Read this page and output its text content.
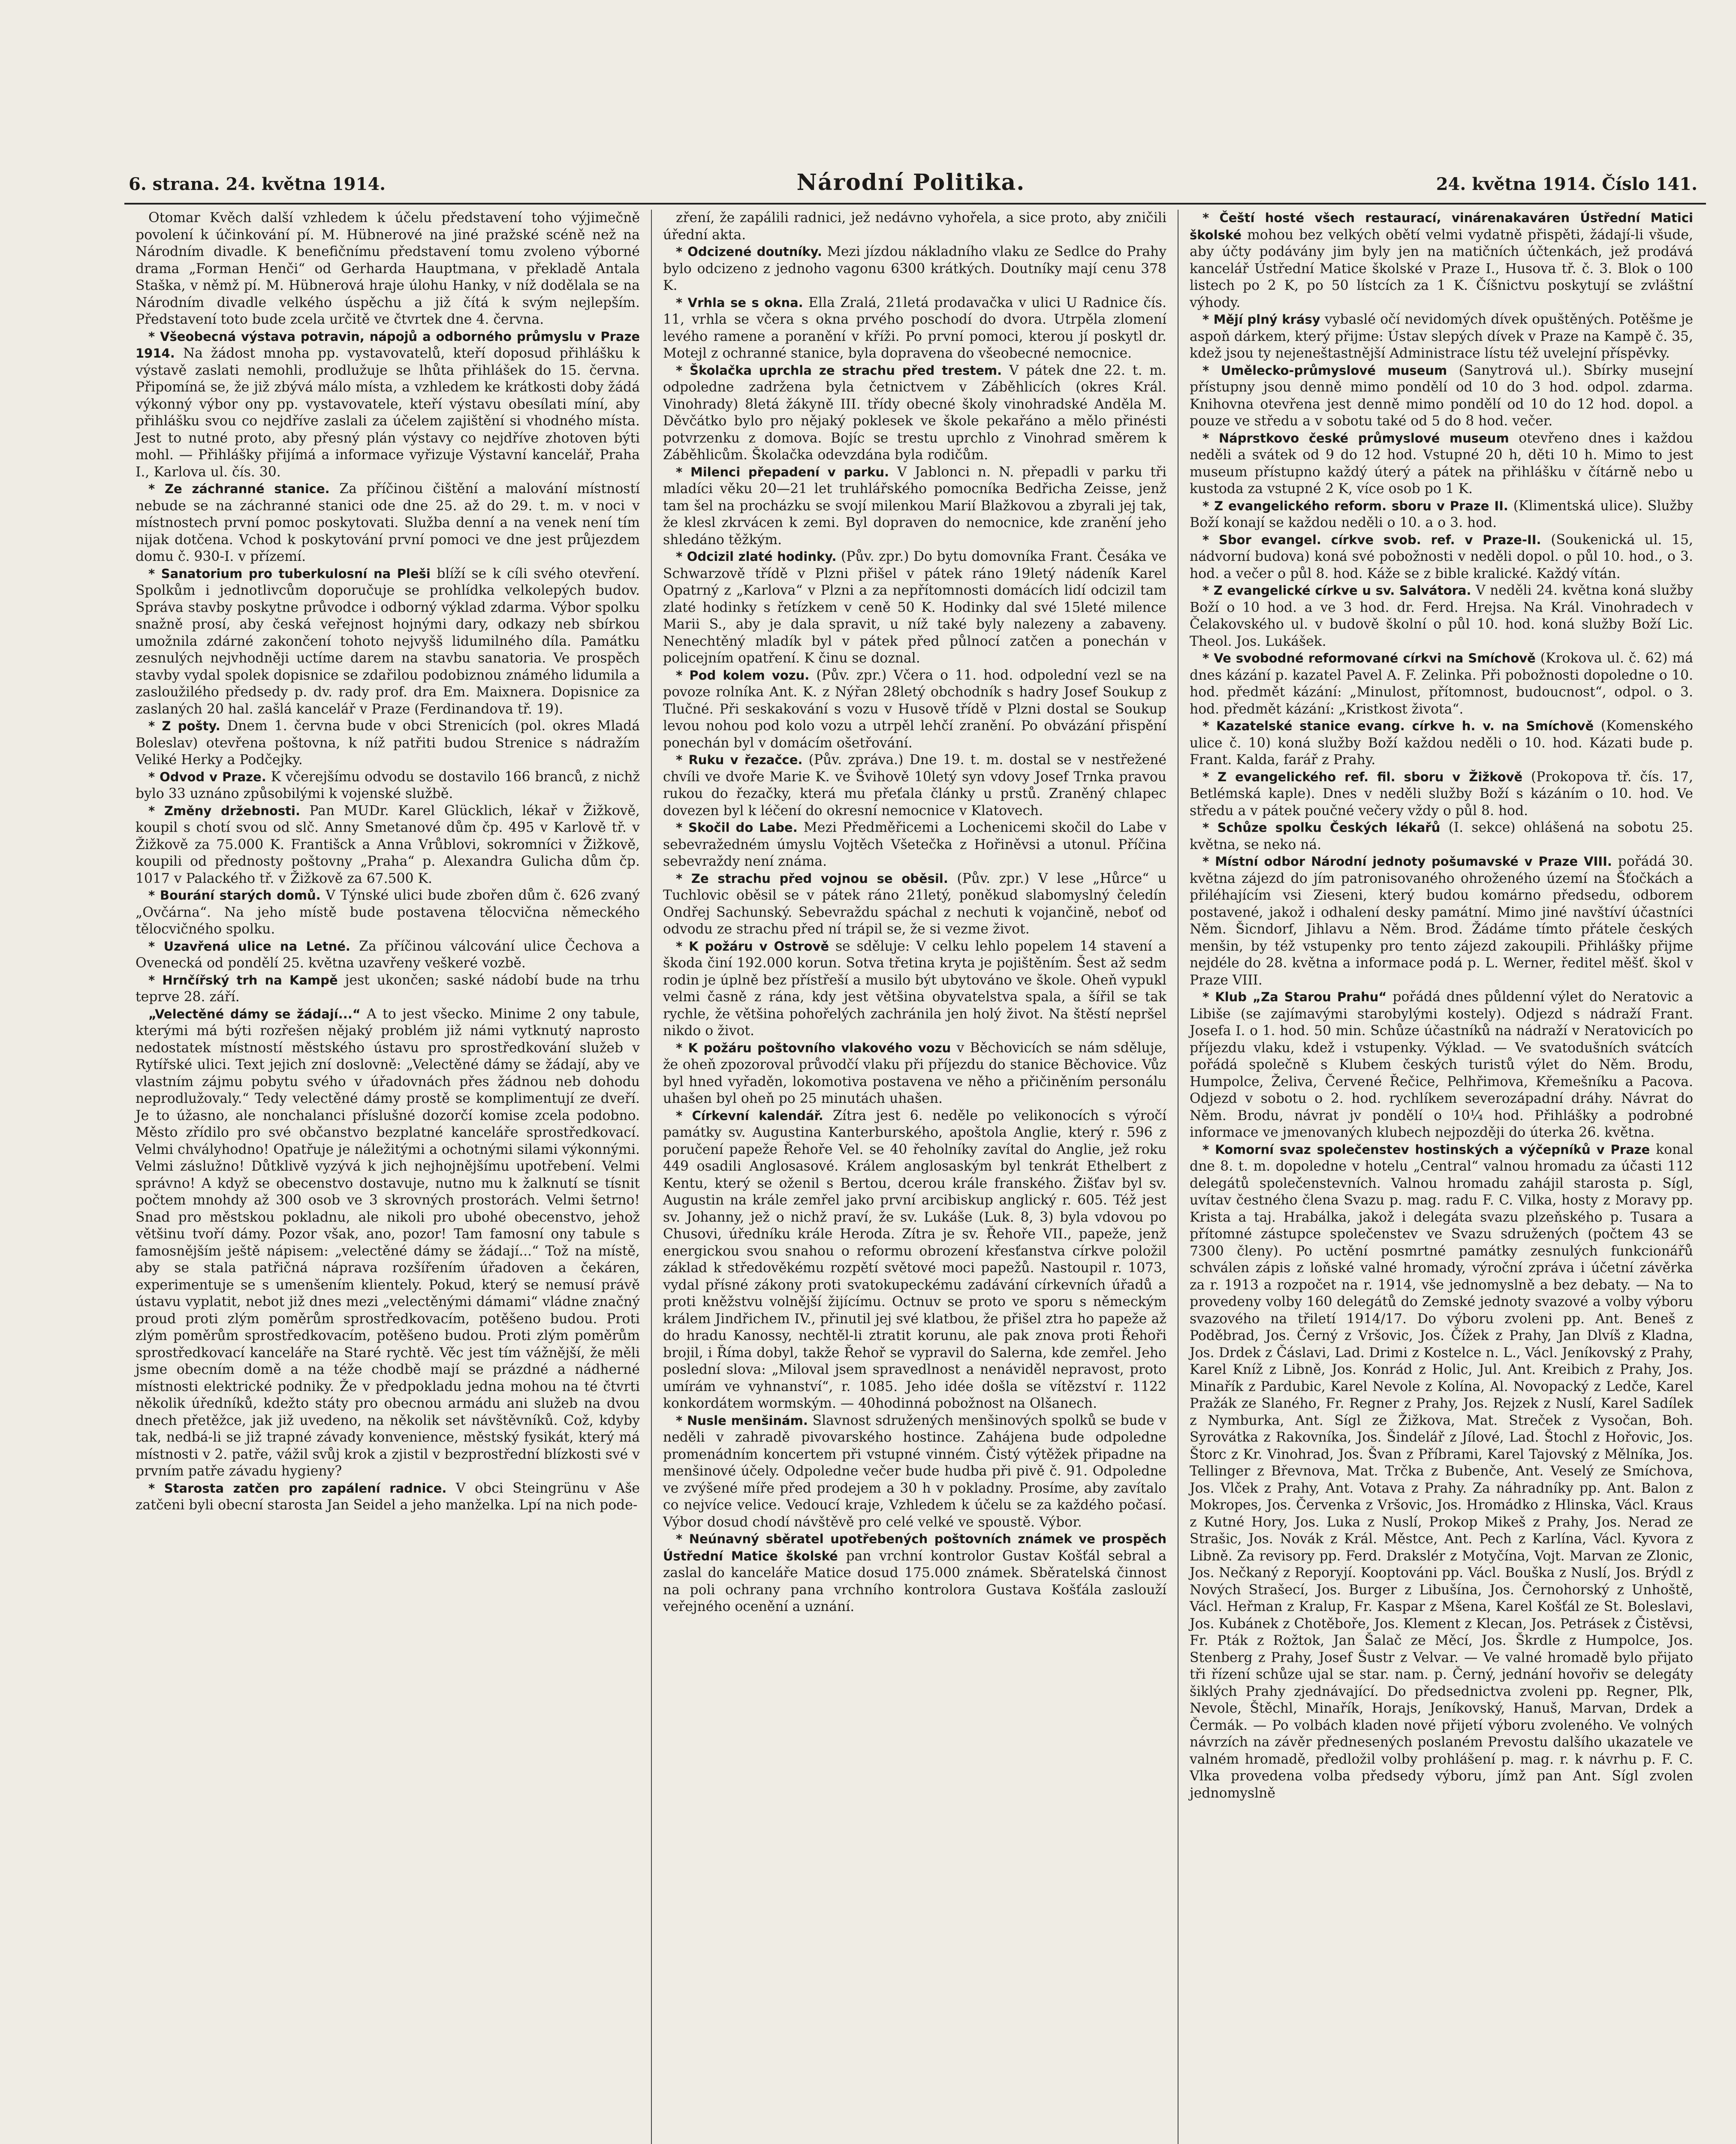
6. strana. 24. května 1914.	Národní Politika.	24. května 1914. Číslo 141.

Otomar Kvěch další vzhledem k účelu představení toho výjimečně povolení k účinkování pí. M. Hübnerové na jiné pražské scéně než na Národním divadle. K benefičnímu představení tomu zvoleno výborné drama „Forman Henči“ od Gerharda Hauptmana, v překladě Antala Staška, v němž pí. M. Hübnerová hraje úlohu Hanky, v níž dodělala se na Národním divadle velkého úspěchu a již čítá k svým nejlepším. Představení toto bude zcela určitě ve čtvrtek dne 4. června.

* Všeobecná výstava potravin, nápojů a odborného průmyslu v Praze 1914. Na žádost mnoha pp. vystavovatelů, kteří doposud přihlášku k výstavě zaslati nemohli, prodlužuje se lhůta přihlášek do 15. června. Připomíná se, že již zbývá málo místa, a vzhledem ke krátkosti doby žádá výkonný výbor ony pp. vystavovatele, kteří výstavu obesílati míní, aby přihlášku svou co nejdříve zaslali za účelem zajištění si vhodného místa. Jest to nutné proto, aby přesný plán výstavy co nejdříve zhotoven býti mohl. — Přihlášky přijímá a informace vyřizuje Výstavní kancelář, Praha I., Karlova ul. čís. 30.

* Ze záchranné stanice. Za příčinou čištění a malování místností nebude se na záchranné stanici ode dne 25. až do 29. t. m. v noci v místnostech první pomoc poskytovati. Služba denní a na venek není tím nijak dotčena. Vchod k poskytování první pomoci ve dne jest průjezdem domu č. 930-I. v přízemí.

* Sanatorium pro tuberkulosní na Pleši blíží se k cíli svého otevření. Spolkům i jednotlivcům doporučuje se prohlídka velkolepých budov. Správa stavby poskytne průvodce i odborný výklad zdarma. Výbor spolku snažně prosí, aby česká veřejnost hojnými dary, odkazy neb sbírkou umožnila zdárné zakončení tohoto nejvyšš lidumilného díla. Památku zesnulých nejvhodněji uctíme darem na stavbu sanatoria. Ve prospěch stavby vydal spolek dopisnice se zdařilou podobiznou známého lidumila a zasloužilého předsedy p. dv. rady prof. dra Em. Maixnera. Dopisnice za zaslaných 20 hal. zašlá kancelář v Praze (Ferdinandova tř. 19).

* Z pošty. Dnem 1. června bude v obci Strenicích (pol. okres Mladá Boleslav) otevřena poštovna, k níž patřiti budou Strenice s nádražím Veliké Herky a Podčejky.

* Odvod v Praze. K včerejšímu odvodu se dostavilo 166 branců, z nichž bylo 33 uznáno způsobilými k vojenské službě.

* Změny držebnosti. Pan MUDr. Karel Glücklich, lékař v Žižkově, koupil s chotí svou od slč. Anny Smetanové dům čp. 495 v Karlově tř. v Žižkově za 75.000 K. Františck a Anna Vrůblovi, sokromníci v Žižkově, koupili od přednosty poštovny „Praha“ p. Alexandra Gulicha dům čp. 1017 v Palackého tř. v Žižkově za 67.500 K.

* Bourání starých domů. V Týnské ulici bude zbořen dům č. 626 zvaný „Ovčárna“. Na jeho místě bude postavena tělocvična německého tělocvičného spolku.

* Uzavřená ulice na Letné. Za příčinou válcování ulice Čechova a Ovenecká od pondělí 25. května uzavřeny veškeré vozbě.

* Hrnčířský trh na Kampě jest ukončen; saské nádobí bude na trhu teprve 28. září.

„Velectěné dámy se žádají...“ A to jest všecko. Minime 2 ony tabule, kterými má býti rozřešen nějaký problém již námi vytknutý naprosto nedostatek místností městského ústavu pro sprostředkování služeb v Rytířské ulici. Text jejich zní doslovně: „Velectěné dámy se žádají, aby ve vlastním zájmu pobytu svého v úřadovnách přes žádnou neb dohodu neprodlužovaly.“ Tedy velectěné dámy prostě se komplimentují ze dveří. Je to úžasno, ale nonchalanci příslušné dozorčí komise zcela podobno. Město zřídilo pro své občanstvo bezplatné kanceláře sprostředkovací. Velmi chvályhodno! Opatřuje je náležitými a ochotnými silami výkonnými. Velmi záslužno! Důtklivě vyzývá k jich nejhojnějšímu upotřebení. Velmi správno! A když se obecenstvo dostavuje, nutno mu k žalknutí se tísnit počtem mnohdy až 300 osob ve 3 skrovných prostorách. Velmi šetrno! Snad pro městskou pokladnu, ale nikoli pro ubohé obecenstvo, jehož většinu tvoří dámy. Pozor však, ano, pozor! Tam famosní ony tabule s famosnějším ještě nápisem: „velectěné dámy se žádají...“ Tož na místě, aby se stala patřičná náprava rozšířením úřadoven a čekáren, experimentuje se s umenšením klientely. Pokud, který se nemusí právě ústavu vyplatit, nebot již dnes mezi „velectěnými dámami“ vládne značný proud proti zlým poměrům sprostředkovacím, potěšeno budou. Proti zlým poměrům sprostředkovacím, potěšeno budou. Proti zlým poměrům sprostředkovací kanceláře na Staré rychtě. Věc jest tím vážnější, že měli jsme obecním domě a na téže chodbě mají se prázdné a nádherné místnosti elektrické podniky. Že v předpokladu jedna mohou na té čtvrti několik úředníků, kdežto státy pro obecnou armádu ani služeb na dvou dnech přetěžce, jak již uvedeno, na několik set návštěvníků. Což, kdyby tak, nedbá-li se již trapné závady konvenience, městský fysikát, který má místnosti v 2. patře, vážil svůj krok a zjistil v bezprostřední blízkosti své v prvním patře závadu hygieny?

* Starosta zatčen pro zapálení radnice. V obci Steingrünu v Aše zatčeni byli obecní starosta Jan Seidel a jeho manželka. Lpí na nich pode-

zření, že zapálili radnici, jež nedávno vyhořela, a sice proto, aby zničili úřední akta.

* Odcizené doutníky. Mezi jízdou nákladního vlaku ze Sedlce do Prahy bylo odcizeno z jednoho vagonu 6300 krátkých. Doutníky mají cenu 378 K.

* Vrhla se s okna. Ella Zralá, 21letá prodavačka v ulici U Radnice čís. 11, vrhla se včera s okna prvého poschodí do dvora. Utrpěla zlomení levého ramene a poranění v kříži. Po první pomoci, kterou jí poskytl dr. Motejl z ochranné stanice, byla dopravena do všeobecné nemocnice.

* Školačka uprchla ze strachu před trestem. V pátek dne 22. t. m. odpoledne zadržena byla četnictvem v Záběhlicích (okres Král. Vinohrady) 8letá žákyně III. třídy obecné školy vinohradské Anděla M. Děvčátko bylo pro nějaký poklesek ve škole pekařáno a mělo přinésti potvrzenku z domova. Bojíc se trestu uprchlo z Vinohrad směrem k Záběhlicům. Školačka odevzdána byla rodičům.

* Milenci přepadení v parku. V Jablonci n. N. přepadli v parku tři mladíci věku 20—21 let truhlářského pomocníka Bedřicha Zeisse, jenž tam šel na procházku se svojí milenkou Marií Blažkovou a zbyrali jej tak, že klesl zkrvácen k zemi. Byl dopraven do nemocnice, kde zranění jeho shledáno těžkým.

* Odcizil zlaté hodinky. (Pův. zpr.) Do bytu domovníka Frant. Česáka ve Schwarzově třídě v Plzni přišel v pátek ráno 19letý nádeník Karel Opatrný z „Karlova“ v Plzni a za nepřítomnosti domácích lidí odcizil tam zlaté hodinky s řetízkem v ceně 50 K. Hodinky dal své 15leté milence Marii S., aby je dala spravit, u níž také byly nalezeny a zabaveny. Nenechtěný mladík byl v pátek před půlnocí zatčen a ponechán v policejním opatření. K činu se doznal.

* Pod kolem vozu. (Pův. zpr.) Včera o 11. hod. odpolední vezl se na povoze rolníka Ant. K. z Nýřan 28letý obchodník s hadry Josef Soukup z Tlučné. Při seskakování s vozu v Husově třídě v Plzni dostal se Soukup levou nohou pod kolo vozu a utrpěl lehčí zranění. Po obvázání přispění ponechán byl v domácím ošetřování.

* Ruku v řezačce. (Pův. zpráva.) Dne 19. t. m. dostal se v nestřežené chvíli ve dvoře Marie K. ve Švihově 10letý syn vdovy Josef Trnka pravou rukou do řezačky, která mu přeťala články u prstů. Zraněný chlapec dovezen byl k léčení do okresní nemocnice v Klatovech.

* Skočil do Labe. Mezi Předměřicemi a Lochenicemi skočil do Labe v sebevražedném úmyslu Vojtěch Všetečka z Hořiněvsi a utonul. Příčina sebevraždy není známa.

* Ze strachu před vojnou se oběsil. (Pův. zpr.) V lese „Hůrce“ u Tuchlovic oběsil se v pátek ráno 21letý, poněkud slabomyslný čeledín Ondřej Sachunský. Sebevraždu spáchal z nechuti k vojančině, neboť od odvodu ze strachu před ní trápil se, že si vezme život.

* K požáru v Ostrově se sděluje: V celku lehlo popelem 14 stavení a škoda činí 192.000 korun. Sotva třetina kryta je pojištěním. Šest až sedm rodin je úplně bez přístřeší a musilo být ubytováno ve škole. Oheň vypukl velmi časně z rána, kdy jest většina obyvatelstva spala, a šířil se tak rychle, že většina pohořelých zachránila jen holý život. Na štěstí nepršel nikdo o život.

* K požáru poštovního vlakového vozu v Běchovicích se nám sděluje, že oheň zpozoroval průvodčí vlaku při příjezdu do stanice Běchovice. Vůz byl hned vyřaděn, lokomotiva postavena ve něho a přičiněním personálu uhašen byl oheň po 25 minutách uhašen.

* Církevní kalendář. Zítra jest 6. neděle po velikonocích s výročí památky sv. Augustina Kanterburského, apoštola Anglie, který r. 596 z poručení papeže Řehoře Vel. se 40 řeholníky zavítal do Anglie, jež roku 449 osadili Anglosasové. Králem anglosaským byl tenkrát Ethelbert z Kentu, který se oženil s Bertou, dcerou krále franského. Žišťav byl sv. Augustin na krále zemřel jako první arcibiskup anglický r. 605. Též jest sv. Johanny, jež o nichž praví, že sv. Lukáše (Luk. 8, 3) byla vdovou po Chusovi, úředníku krále Heroda. Zítra je sv. Řehoře VII., papeže, jenž energickou svou snahou o reformu obrození křesťanstva církve položil základ k středověkému rozpětí světové moci papežů. Nastoupil r. 1073, vydal přísné zákony proti svatokupeckému zadávání církevních úřadů a proti kněžstvu volnější žijícímu. Octnuv se proto ve sporu s německým králem Jindřichem IV., přinutil jej své klatbou, že přišel ztra ho papeže až do hradu Kanossy, nechtěl-li ztratit korunu, ale pak znova proti Řehoři brojil, i Říma dobyl, takže Řehoř se vypravil do Salerna, kde zemřel. Jeho poslední slova: „Miloval jsem spravedlnost a nenáviděl nepravost, proto umírám ve vyhnanství“, r. 1085. Jeho idée došla se vítězství r. 1122 konkordátem wormským. — 40hodinná pobožnost na Olšanech.

* Nusle menšinám. Slavnost sdružených menšinových spolků se bude v neděli v zahradě pivovarského hostince. Zahájena bude odpoledne promenádním koncertem při vstupné vinném. Čistý výtěžek připadne na menšinové účely. Odpoledne večer bude hudba při pivě č. 91. Odpoledne ve zvýšené míře před prodejem a 30 h v pokladny. Prosíme, aby zavítalo co nejvíce velice. Vedoucí kraje, Vzhledem k účelu se za každého počasí. Výbor dosud chodí návštěvě pro celé velké ve spoustě. Výbor.

* Neúnavný sběratel upotřebených poštovních známek ve prospěch Ústřední Matice školské pan vrchní kontrolor Gustav Košťál sebral a zaslal do kanceláře Matice dosud 175.000 známek. Sběratelská činnost na poli ochrany pana vrchního kontrolora Gustava Košťála zaslouží veřejného ocenění a uznání.

* Čeští hosté všech restaurací, vinárenakaváren Ústřední Matici školské mohou bez velkých obětí velmi vydatně přispěti, žádají-li všude, aby účty podávány jim byly jen na matičních účtenkách, jež prodává kancelář Ústřední Matice školské v Praze I., Husova tř. č. 3. Blok o 100 listech po 2 K, po 50 lístcích za 1 K. Číšnictvu poskytují se zvláštní výhody.

* Mějí plný krásy vybaslé očí nevidomých dívek opuštěných. Potěšme je aspoň dárkem, který přijme: Ústav slepých dívek v Praze na Kampě č. 35, kdež jsou ty nejeneštastnější Administrace lístu též uvelejní příspěvky.

* Umělecko-průmyslové museum (Sanytrová ul.). Sbírky musejní přístupny jsou denně mimo pondělí od 10 do 3 hod. odpol. zdarma. Knihovna otevřena jest denně mimo pondělí od 10 do 12 hod. dopol. a pouze ve středu a v sobotu také od 5 do 8 hod. večer.

* Náprstkovo české průmyslové museum otevřeno dnes i každou neděli a svátek od 9 do 12 hod. Vstupné 20 h, děti 10 h. Mimo to jest museum přístupno každý úterý a pátek na přihlášku v čítárně nebo u kustoda za vstupné 2 K, více osob po 1 K.

* Z evangelického reform. sboru v Praze II. (Klimentská ulice). Služby Boží konají se každou neděli o 10. a o 3. hod.

* Sbor evangel. církve svob. ref. v Praze-II. (Soukenická ul. 15, nádvorní budova) koná své pobožnosti v neděli dopol. o půl 10. hod., o 3. hod. a večer o půl 8. hod. Káže se z bible kralické. Každý vítán.

* Z evangelické církve u sv. Salvátora. V neděli 24. května koná služby Boží o 10 hod. a ve 3 hod. dr. Ferd. Hrejsa. Na Král. Vinohradech v Čelakovského ul. v budově školní o půl 10. hod. koná služby Boží Lic. Theol. Jos. Lukášek.

* Ve svobodné reformované církvi na Smíchově (Krokova ul. č. 62) má dnes kázání p. kazatel Pavel A. F. Zelinka. Při pobožnosti dopoledne o 10. hod. předmět kázání: „Minulost, přítomnost, budoucnost“, odpol. o 3. hod. předmět kázání: „Kristkost života“.

* Kazatelské stanice evang. církve h. v. na Smíchově (Komenského ulice č. 10) koná služby Boží každou neděli o 10. hod. Kázati bude p. Frant. Kalda, farář z Prahy.

* Z evangelického ref. fil. sboru v Žižkově (Prokopova tř. čís. 17, Betlémská kaple). Dnes v neděli služby Boží s kázáním o 10. hod. Ve středu a v pátek poučné večery vždy o půl 8. hod.

* Schůze spolku Českých lékařů (I. sekce) ohlášená na sobotu 25. května, se neko ná.

* Místní odbor Národní jednoty pošumavské v Praze VIII. pořádá 30. května zájezd do jím patronisovaného ohroženého území na Šťočkách a přiléhajícím vsi Zieseni, který budou komárno předsedu, odborem postavené, jakož i odhalení desky památní. Mimo jiné navštíví účastníci Něm. Šicndorf, Jihlavu a Něm. Brod. Žádáme tímto přátele českých menšin, by též vstupenky pro tento zájezd zakoupili. Přihlášky přijme nejdéle do 28. května a informace podá p. L. Werner, ředitel měšť. škol v Praze VIII.

* Klub „Za Starou Prahu“ pořádá dnes půldenní výlet do Neratovic a Libiše (se zajímavými starobylými kostely). Odjezd s nádraží Frant. Josefa I. o 1. hod. 50 min. Schůze účastníků na nádraží v Neratovicích po příjezdu vlaku, kdež i vstupenky. Výklad. — Ve svatodušních svátcích pořádá společně s Klubem českých turistů výlet do Něm. Brodu, Humpolce, Želiva, Červené Řečice, Pelhřimova, Křemešníku a Pacova. Odjezd v sobotu o 2. hod. rychlíkem severozápadní dráhy. Návrat do Něm. Brodu, návrat jv pondělí o 10¼ hod. Přihlášky a podrobné informace ve jmenovaných klubech nejpozději do úterka 26. května.

* Komorní svaz společenstev hostinských a výčepníků v Praze konal dne 8. t. m. dopoledne v hotelu „Central“ valnou hromadu za účasti 112 delegátů společenstevních. Valnou hromadu zahájil starosta p. Sígl, uvítav čestného člena Svazu p. mag. radu F. C. Vilka, hosty z Moravy pp. Krista a taj. Hrabálka, jakož i delegáta svazu plzeňského p. Tusara a přítomné zástupce společenstev ve Svazu sdružených (počtem 43 se 7300 členy). Po uctění posmrtné památky zesnulých funkcionářů schválen zápis z loňské valné hromady, výroční zpráva i účetní závěrka za r. 1913 a rozpočet na r. 1914, vše jednomyslně a bez debaty. — Na to provedeny volby 160 delegátů do Zemské jednoty svazové a volby výboru svazového na třiletí 1914/17. Do výboru zvoleni pp. Ant. Beneš z Poděbrad, Jos. Černý z Vršovic, Jos. Čížek z Prahy, Jan Dlvíš z Kladna, Jos. Drdek z Čáslavi, Lad. Drimi z Kostelce n. L., Václ. Jeníkovský z Prahy, Karel Kníž z Libně, Jos. Konrád z Holic, Jul. Ant. Kreibich z Prahy, Jos. Minařík z Pardubic, Karel Nevole z Kolína, Al. Novopacký z Ledče, Karel Pražák ze Slaného, Fr. Regner z Prahy, Jos. Rejzek z Nuslí, Karel Sadílek z Nymburka, Ant. Sígl ze Žižkova, Mat. Streček z Vysočan, Boh. Syrovátka z Rakovníka, Jos. Šindelář z Jílové, Lad. Štochl z Hořovic, Jos. Štorc z Kr. Vinohrad, Jos. Švan z Příbrami, Karel Tajovský z Mělníka, Jos. Tellinger z Břevnova, Mat. Trčka z Bubenče, Ant. Veselý ze Smíchova, Jos. Vlček z Prahy, Ant. Votava z Prahy. Za náhradníky pp. Ant. Balon z Mokropes, Jos. Červenka z Vršovic, Jos. Hromádko z Hlinska, Václ. Kraus z Kutné Hory, Jos. Luka z Nuslí, Prokop Mikeš z Prahy, Jos. Nerad ze Strašic, Jos. Novák z Král. Městce, Ant. Pech z Karlína, Václ. Kyvora z Libně. Za revisory pp. Ferd. Drakslér z Motyčína, Vojt. Marvan ze Zlonic, Jos. Nečkaný z Reporyjí. Kooptováni pp. Václ. Bouška z Nuslí, Jos. Brýdl z Nových Strašecí, Jos. Burger z Libušína, Jos. Černohorský z Unhoště, Václ. Heřman z Kralup, Fr. Kaspar z Mšena, Karel Košťál ze St. Boleslavi, Jos. Kubánek z Chotěboře, Jos. Klement z Klecan, Jos. Petrásek z Čistěvsi, Fr. Pták z Rožtok, Jan Šalač ze Měcí, Jos. Škrdle z Humpolce, Jos. Stenberg z Prahy, Josef Šustr z Velvar. — Ve valné hromadě bylo přijato tři řízení schůze ujal se star. nam. p. Černý, jednání hovořiv se delegáty šiklých Prahy zjednávající. Do předsednictva zvoleni pp. Regner, Plk, Nevole, Štěchl, Minařík, Horajs, Jeníkovský, Hanuš, Marvan, Drdek a Čermák. — Po volbách kladen nové přijetí výboru zvoleného. Ve volných návrzích na závěr přednesených poslaném Prevostu dalšího ukazatele ve valném hromadě, předložil volby prohlášení p. mag. r. k návrhu p. F. C. Vlka provedena volba předsedy výboru, jímž pan Ant. Sígl zvolen jednomyslně
